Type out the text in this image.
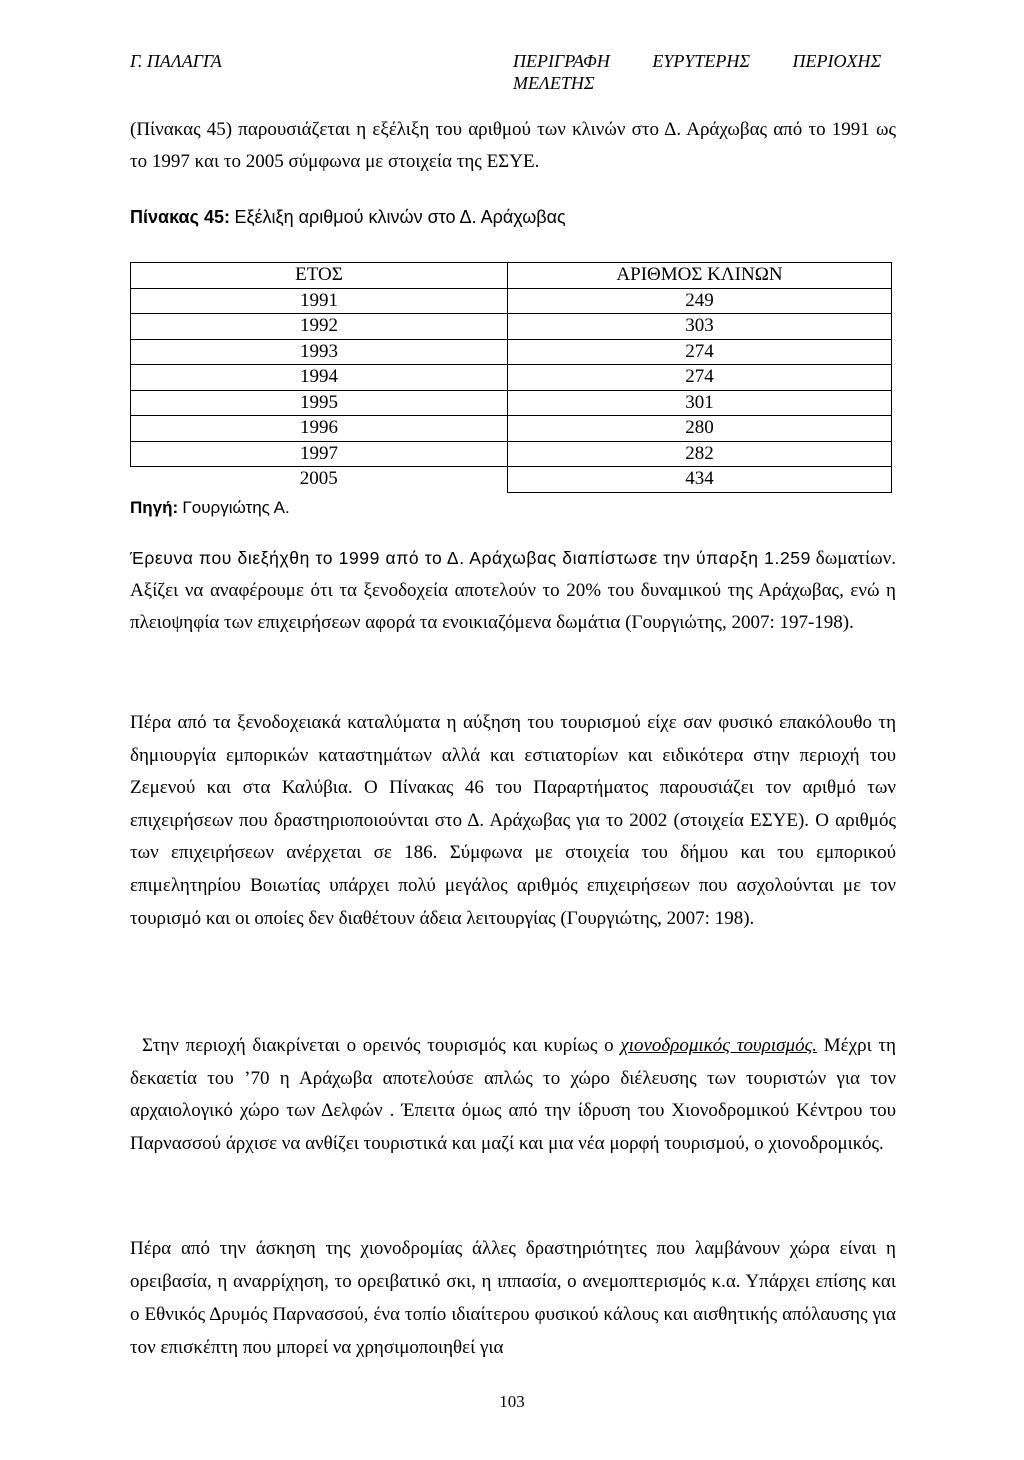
Γ. ΠΑΛΑΓΓΑ	ΠΕΡΙΓΡΑΦΗ ΕΥΡΥΤΕΡΗΣ ΠΕΡΙΟΧΗΣ
ΜΕΛΕΤΗΣ
(Πίνακας 45) παρουσιάζεται η εξέλιξη του αριθμού των κλινών στο Δ. Αράχωβας από το 1991 ως το 1997 και το 2005 σύμφωνα με στοιχεία της ΕΣΥΕ.
Πίνακας 45: Εξέλιξη αριθμού κλινών στο Δ. Αράχωβας
ΕΤΟΣ	ΑΡΙΘΜΟΣ ΚΛΙΝΩΝ
1991	249
1992	303
1993	274
1994	274
1995	301
1996	280
1997	282
2005	434
Πηγή: Γουργιώτης Α.
Έρευνα που διεξήχθη το 1999 από το Δ. Αράχωβας διαπίστωσε την ύπαρξη 1.259 δωματίων. Αξίζει να αναφέρουμε ότι τα ξενοδοχεία αποτελούν το 20% του δυναμικού της Αράχωβας, ενώ η πλειοψηφία των επιχειρήσεων αφορά τα ενοικιαζόμενα δωμάτια (Γουργιώτης, 2007: 197-198).
Πέρα από τα ξενοδοχειακά καταλύματα η αύξηση του τουρισμού είχε σαν φυσικό επακόλουθο τη δημιουργία εμπορικών καταστημάτων αλλά και εστιατορίων και ειδικότερα στην περιοχή του Ζεμενού και στα Καλύβια. Ο Πίνακας 46 του Παραρτήματος παρουσιάζει τον αριθμό των επιχειρήσεων που δραστηριοποιούνται στο Δ. Αράχωβας για το 2002 (στοιχεία ΕΣΥΕ). Ο αριθμός των επιχειρήσεων ανέρχεται σε 186. Σύμφωνα με στοιχεία του δήμου και του εμπορικού επιμελητηρίου Βοιωτίας υπάρχει πολύ μεγάλος αριθμός επιχειρήσεων που ασχολούνται με τον τουρισμό και οι οποίες δεν διαθέτουν άδεια λειτουργίας (Γουργιώτης, 2007: 198).
Στην περιοχή διακρίνεται ο ορεινός τουρισμός και κυρίως ο χιονοδρομικός τουρισμός. Μέχρι τη δεκαετία του ’70 η Αράχωβα αποτελούσε απλώς το χώρο διέλευσης των τουριστών για τον αρχαιολογικό χώρο των Δελφών . Έπειτα όμως από την ίδρυση του Χιονοδρομικού Κέντρου του Παρνασσού άρχισε να ανθίζει τουριστικά και μαζί και μια νέα μορφή τουρισμού, ο χιονοδρομικός.
Πέρα από την άσκηση της χιονοδρομίας άλλες δραστηριότητες που λαμβάνουν χώρα είναι η ορειβασία, η αναρρίχηση, το ορειβατικό σκι, η ιππασία, ο ανεμοπτερισμός κ.α. Υπάρχει επίσης και ο Εθνικός Δρυμός Παρνασσού, ένα τοπίο ιδιαίτερου φυσικού κάλους και αισθητικής απόλαυσης για τον επισκέπτη που μπορεί να χρησιμοποιηθεί για
103
